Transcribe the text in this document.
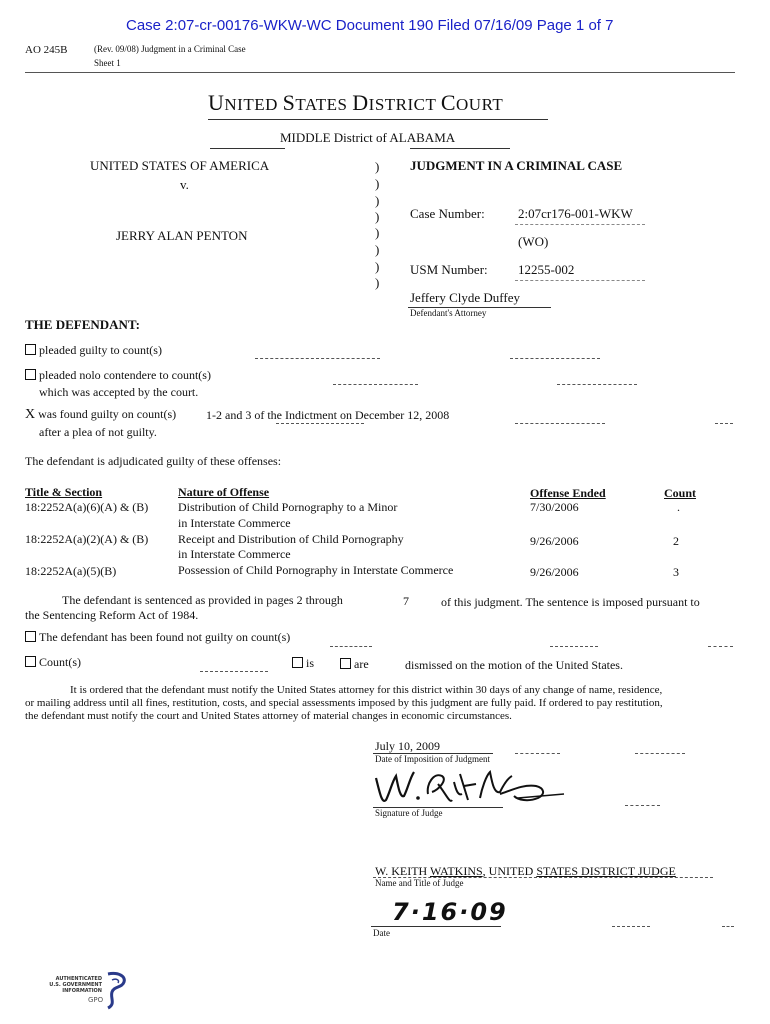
Case 2:07-cr-00176-WKW-WC Document 190 Filed 07/16/09 Page 1 of 7
AO 245B	(Rev. 09/08) Judgment in a Criminal Case
Sheet 1
UNITED STATES DISTRICT COURT
MIDDLE District of ALABAMA
UNITED STATES OF AMERICA
v.
JERRY ALAN PENTON
)
)
)
)
)
)
)
)
JUDGMENT IN A CRIMINAL CASE
Case Number:	2:07cr176-001-WKW
(WO)
USM Number: 12255-002
Jeffery Clyde Duffey
Defendant's Attorney
THE DEFENDANT:
pleaded guilty to count(s)
pleaded nolo contendere to count(s)
which was accepted by the court.
X was found guilty on count(s) 1-2 and 3 of the Indictment on December 12, 2008
after a plea of not guilty.
The defendant is adjudicated guilty of these offenses:
Title & Section	Nature of Offense	Offense Ended	Count
18:2252A(a)(6)(A) & (B) Distribution of Child Pornography to a Minor
in Interstate Commerce
7/30/2006	.
18:2252A(a)(2)(A) & (B) Receipt and Distribution of Child Pornography
in Interstate Commerce
9/26/2006	2
18:2252A(a)(5)(B)	Possession of Child Pornography in Interstate Commerce	9/26/2006	3
The defendant is sentenced as provided in pages 2 through	7	of this judgment. The sentence is imposed pursuant to
the Sentencing Reform Act of 1984.
The defendant has been found not guilty on count(s)
Count(s)	is	are	dismissed on the motion of the United States.
It is ordered that the defendant must notify the United States attorney for this district within 30 days of any change of name, residence,
or mailing address until all fines, restitution, costs, and special assessments imposed by this judgment are fully paid. If ordered to pay restitution,
the defendant must notify the court and United States attorney of material changes in economic circumstances.
July 10, 2009
Date of Imposition of Judgment
Signature of Judge
W. KEITH WATKINS, UNITED STATES DISTRICT JUDGE
Name and Title of Judge
7·16·09
Date
AUTHENTICATED
U.S. GOVERNMENT
INFORMATION
GPO
